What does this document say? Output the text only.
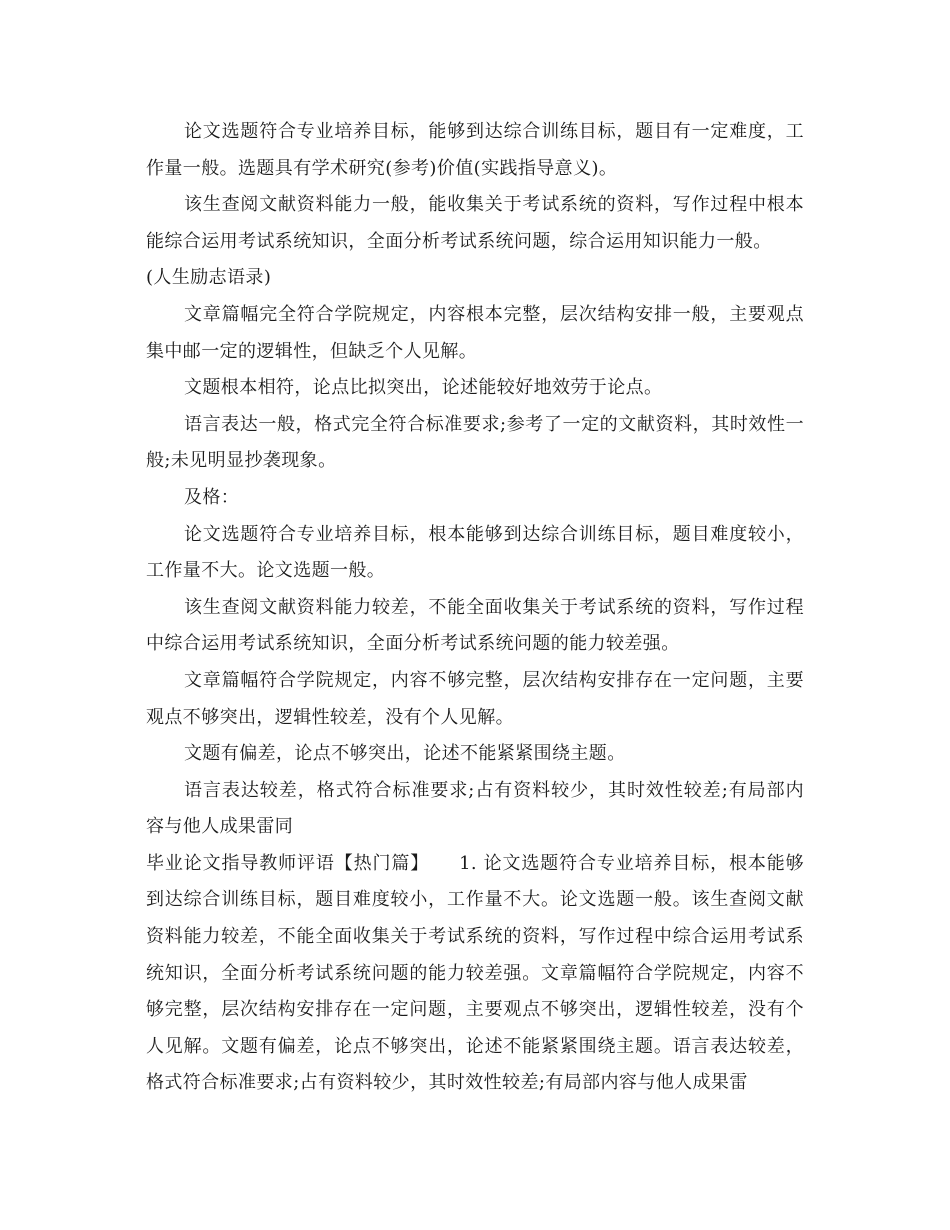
论文选题符合专业培养目标，能够到达综合训练目标，题目有一定难度，工作量一般。选题具有学术研究(参考)价值(实践指导意义)。

该生查阅文献资料能力一般，能收集关于考试系统的资料，写作过程中根本能综合运用考试系统知识，全面分析考试系统问题，综合运用知识能力一般。

(人生励志语录)

文章篇幅完全符合学院规定，内容根本完整，层次结构安排一般，主要观点集中邮一定的逻辑性，但缺乏个人见解。

文题根本相符，论点比拟突出，论述能较好地效劳于论点。

语言表达一般，格式完全符合标准要求;参考了一定的文献资料，其时效性一般;未见明显抄袭现象。

及格：

论文选题符合专业培养目标，根本能够到达综合训练目标，题目难度较小，工作量不大。论文选题一般。

该生查阅文献资料能力较差，不能全面收集关于考试系统的资料，写作过程中综合运用考试系统知识，全面分析考试系统问题的能力较差强。

文章篇幅符合学院规定，内容不够完整，层次结构安排存在一定问题，主要观点不够突出，逻辑性较差，没有个人见解。

文题有偏差，论点不够突出，论述不能紧紧围绕主题。

语言表达较差，格式符合标准要求;占有资料较少，其时效性较差;有局部内容与他人成果雷同

毕业论文指导教师评语【热门篇】 1. 论文选题符合专业培养目标，根本能够到达综合训练目标，题目难度较小，工作量不大。论文选题一般。该生查阅文献资料能力较差，不能全面收集关于考试系统的资料，写作过程中综合运用考试系统知识，全面分析考试系统问题的能力较差强。文章篇幅符合学院规定，内容不够完整，层次结构安排存在一定问题，主要观点不够突出，逻辑性较差，没有个人见解。文题有偏差，论点不够突出，论述不能紧紧围绕主题。语言表达较差，格式符合标准要求;占有资料较少，其时效性较差;有局部内容与他人成果雷
